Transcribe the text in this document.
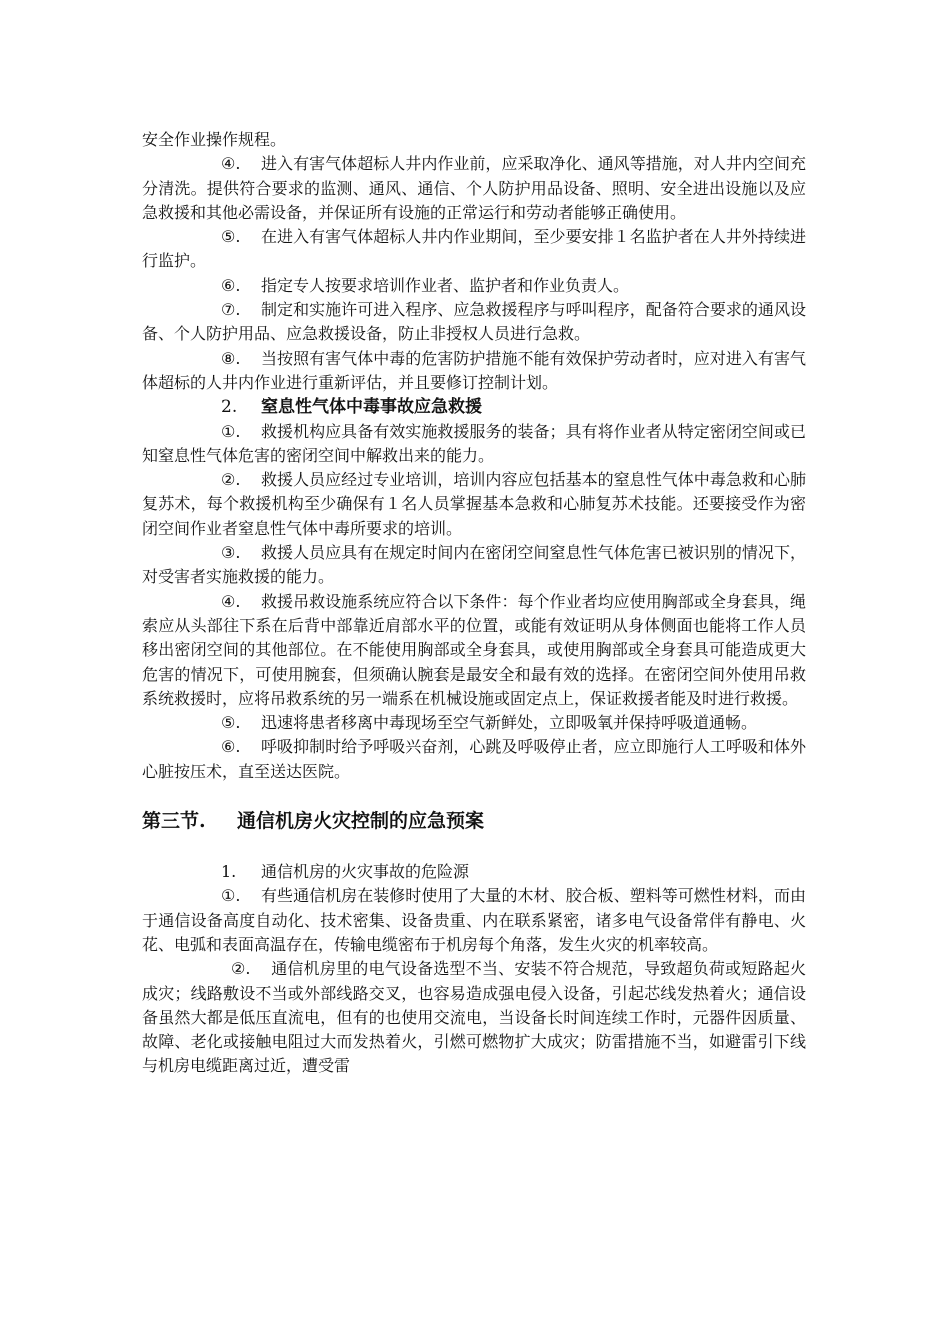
安全作业操作规程。

④. 进入有害气体超标人井内作业前，应采取净化、通风等措施，对人井内空间充分清洗。提供符合要求的监测、通风、通信、个人防护用品设备、照明、安全进出设施以及应急救援和其他必需设备，并保证所有设施的正常运行和劳动者能够正确使用。

⑤. 在进入有害气体超标人井内作业期间，至少要安排１名监护者在人井外持续进行监护。

⑥. 指定专人按要求培训作业者、监护者和作业负责人。

⑦. 制定和实施许可进入程序、应急救援程序与呼叫程序，配备符合要求的通风设备、个人防护用品、应急救援设备，防止非授权人员进行急救。

⑧. 当按照有害气体中毒的危害防护措施不能有效保护劳动者时，应对进入有害气体超标的人井内作业进行重新评估，并且要修订控制计划。

2. 窒息性气体中毒事故应急救援

①. 救援机构应具备有效实施救援服务的装备；具有将作业者从特定密闭空间或已知窒息性气体危害的密闭空间中解救出来的能力。

②. 救援人员应经过专业培训，培训内容应包括基本的窒息性气体中毒急救和心肺复苏术，每个救援机构至少确保有１名人员掌握基本急救和心肺复苏术技能。还要接受作为密闭空间作业者窒息性气体中毒所要求的培训。

③. 救援人员应具有在规定时间内在密闭空间窒息性气体危害已被识别的情况下，对受害者实施救援的能力。

④. 救援吊救设施系统应符合以下条件：每个作业者均应使用胸部或全身套具，绳索应从头部往下系在后背中部靠近肩部水平的位置，或能有效证明从身体侧面也能将工作人员移出密闭空间的其他部位。在不能使用胸部或全身套具，或使用胸部或全身套具可能造成更大危害的情况下，可使用腕套，但须确认腕套是最安全和最有效的选择。在密闭空间外使用吊救系统救援时，应将吊救系统的另一端系在机械设施或固定点上，保证救援者能及时进行救援。

⑤. 迅速将患者移离中毒现场至空气新鲜处，立即吸氧并保持呼吸道通畅。

⑥. 呼吸抑制时给予呼吸兴奋剂，心跳及呼吸停止者，应立即施行人工呼吸和体外心脏按压术，直至送达医院。

第三节. 通信机房火灾控制的应急预案

1. 通信机房的火灾事故的危险源

①. 有些通信机房在装修时使用了大量的木材、胶合板、塑料等可燃性材料，而由于通信设备高度自动化、技术密集、设备贵重、内在联系紧密，诸多电气设备常伴有静电、火花、电弧和表面高温存在，传输电缆密布于机房每个角落，发生火灾的机率较高。

②. 通信机房里的电气设备选型不当、安装不符合规范，导致超负荷或短路起火成灾；线路敷设不当或外部线路交叉，也容易造成强电侵入设备，引起芯线发热着火；通信设备虽然大都是低压直流电，但有的也使用交流电，当设备长时间连续工作时，元器件因质量、故障、老化或接触电阻过大而发热着火，引燃可燃物扩大成灾；防雷措施不当，如避雷引下线与机房电缆距离过近，遭受雷
